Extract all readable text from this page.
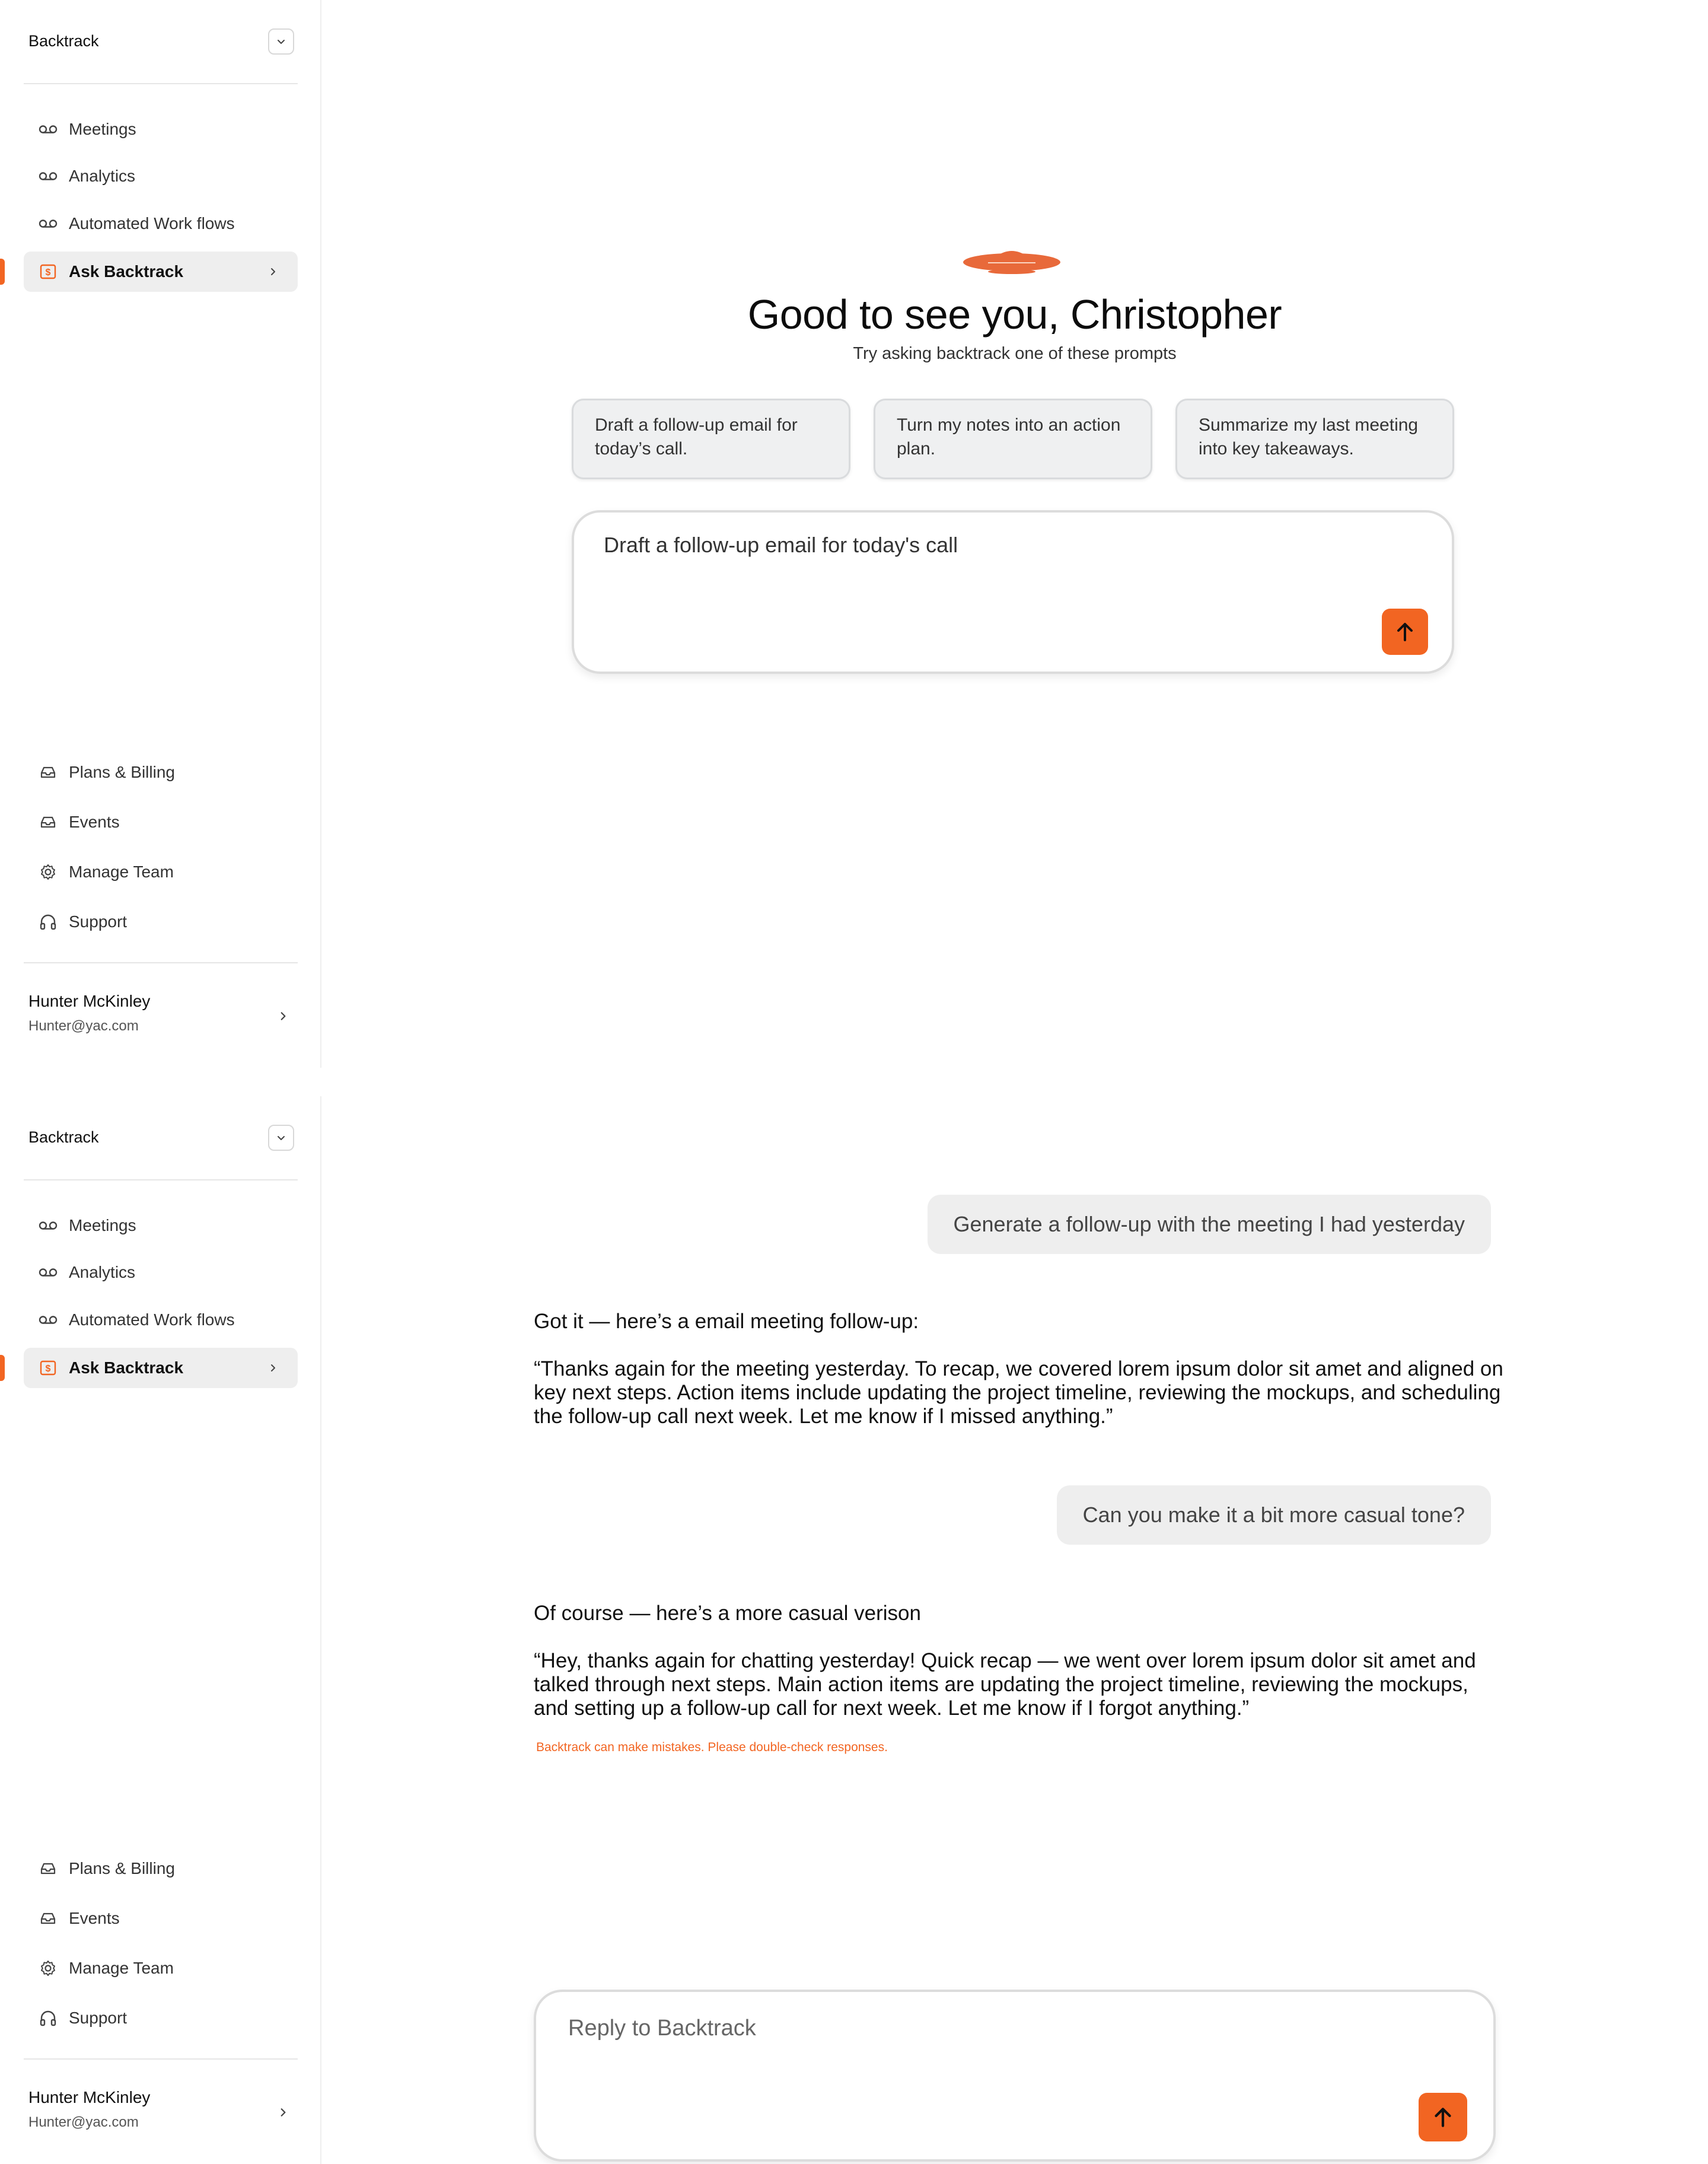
Backtrack
Meetings
Analytics
Automated Work flows
$ Ask Backtrack
Plans & Billing
Events
Manage Team
Support
Hunter McKinley
Hunter@yac.com
Good to see you, Christopher
Try asking backtrack one of these prompts
Draft a follow-up email for today’s call.
Turn my notes into an action plan.
Summarize my last meeting into key takeaways.
Draft a follow-up email for today's call
Backtrack
Meetings
Analytics
Automated Work flows
$ Ask Backtrack
Plans & Billing
Events
Manage Team
Support
Hunter McKinley
Hunter@yac.com
Generate a follow-up with the meeting I had yesterday
Got it — here’s a email meeting follow-up:
“Thanks again for the meeting yesterday. To recap, we covered lorem ipsum dolor sit amet and aligned on key next steps. Action items include updating the project timeline, reviewing the mockups, and scheduling the follow-up call next week. Let me know if I missed anything.”
Can you make it a bit more casual tone?
Of course — here’s a more casual verison
“Hey, thanks again for chatting yesterday! Quick recap — we went over lorem ipsum dolor sit amet and talked through next steps. Main action items are updating the project timeline, reviewing the mockups, and setting up a follow-up call for next week. Let me know if I forgot anything.”
Backtrack can make mistakes. Please double-check responses.
Reply to Backtrack
